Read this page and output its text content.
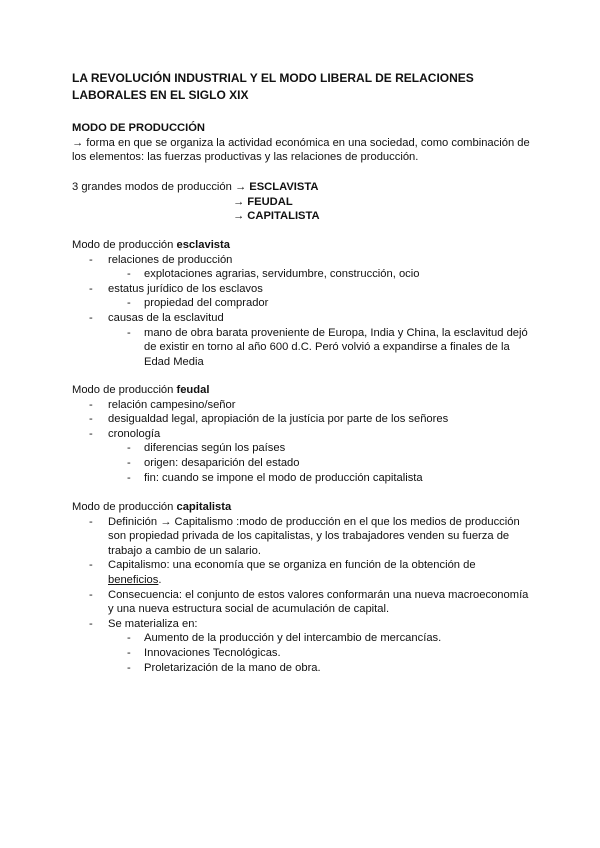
LA REVOLUCIÓN INDUSTRIAL Y EL MODO LIBERAL DE RELACIONES LABORALES EN EL SIGLO XIX

MODO DE PRODUCCIÓN

→ forma en que se organiza la actividad económica en una sociedad, como combinación de los elementos: las fuerzas productivas y las relaciones de producción.

3 grandes modos de producción → ESCLAVISTA

→ FEUDAL

→ CAPITALISTA

Modo de producción esclavista

- relaciones de producción
- explotaciones agrarias, servidumbre, construcción, ocio
- estatus jurídico de los esclavos
- propiedad del comprador
- causas de la esclavitud
- mano de obra barata proveniente de Europa, India y China, la esclavitud dejó de existir en torno al año 600 d.C. Peró volvió a expandirse a finales de la Edad Media

Modo de producción feudal

- relación campesino/señor
- desigualdad legal, apropiación de la justícia por parte de los señores
- cronología
- diferencias según los países
- origen: desaparición del estado
- fin: cuando se impone el modo de producción capitalista

Modo de producción capitalista

- Definición → Capitalismo :modo de producción en el que los medios de producción son propiedad privada de los capitalistas, y los trabajadores venden su fuerza de trabajo a cambio de un salario.
- Capitalismo: una economía que se organiza en función de la obtención de beneficios.
- Consecuencia: el conjunto de estos valores conformarán una nueva macroeconomía y una nueva estructura social de acumulación de capital.
- Se materializa en:
- Aumento de la producción y del intercambio de mercancías.
- Innovaciones Tecnológicas.
- Proletarización de la mano de obra.
